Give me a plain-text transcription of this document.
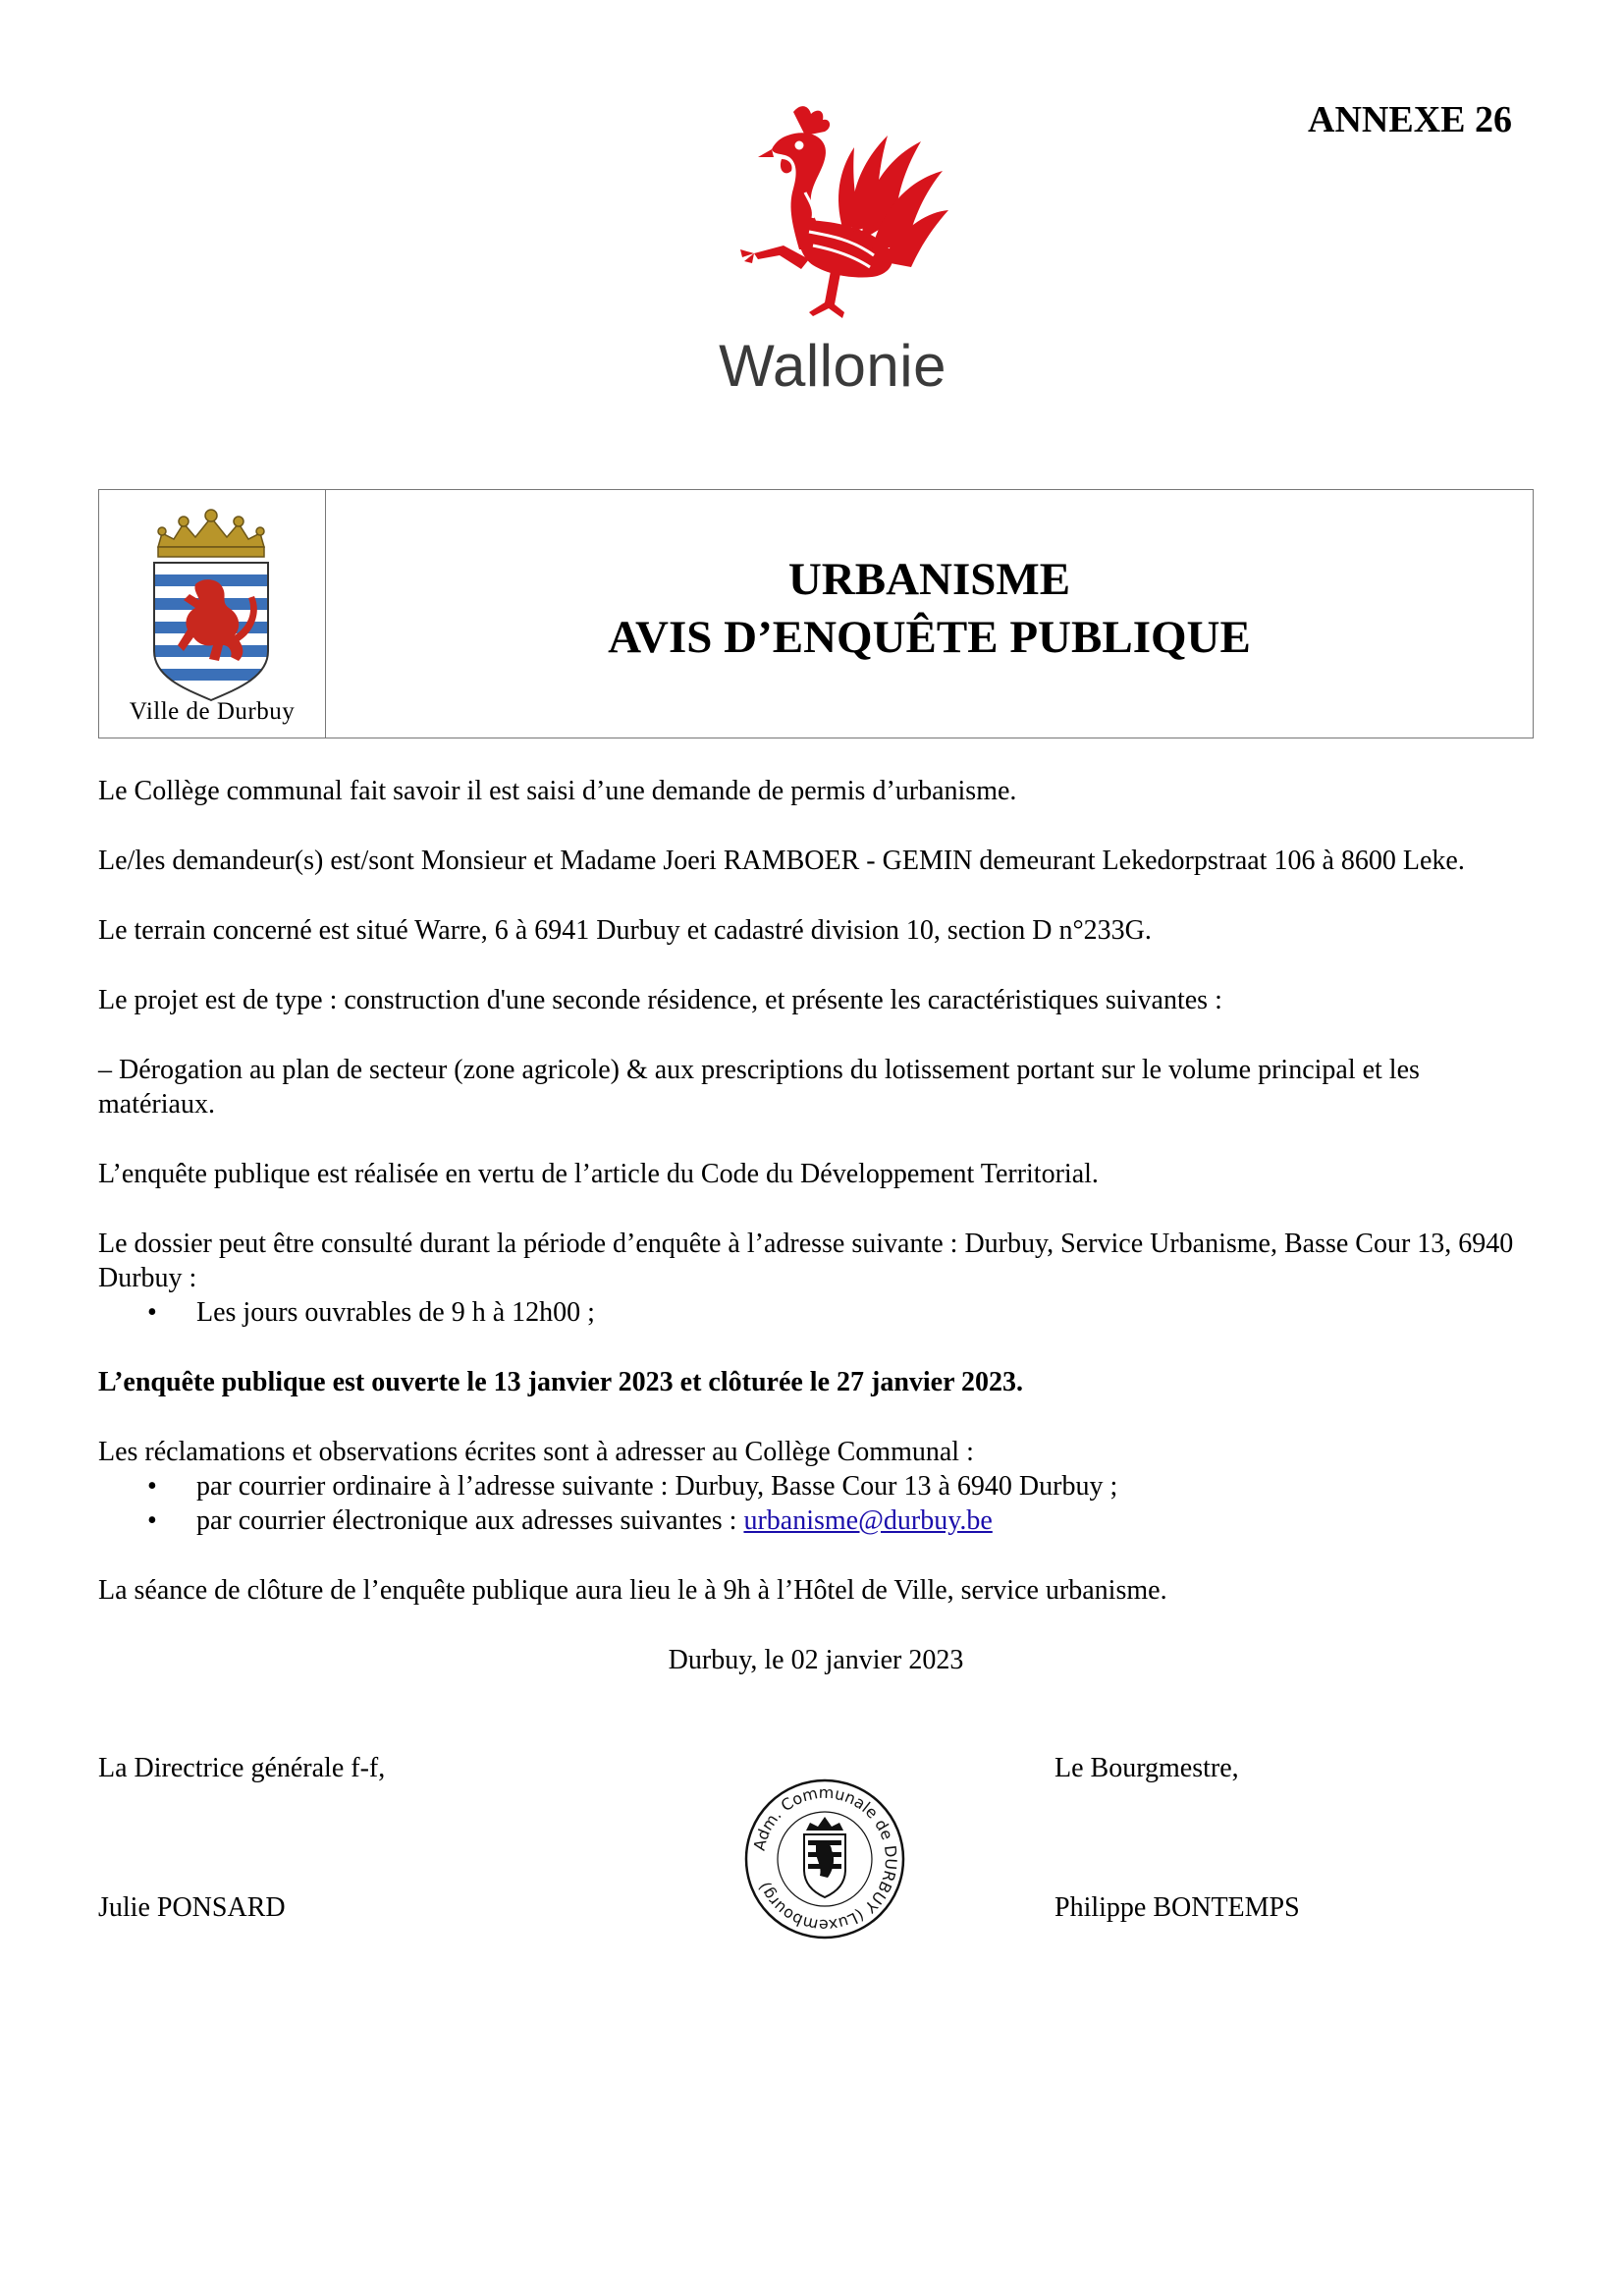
ANNEXE 26
Wallonie
Ville de Durbuy
URBANISME
AVIS D’ENQUÊTE PUBLIQUE

Le Collège communal fait savoir il est saisi d’une demande de permis d’urbanisme.

Le/les demandeur(s) est/sont Monsieur et Madame Joeri RAMBOER - GEMIN demeurant Lekedorpstraat 106 à 8600 Leke.

Le terrain concerné est situé Warre, 6 à 6941 Durbuy et cadastré division 10, section D n°233G.

Le projet est de type : construction d'une seconde résidence, et présente les caractéristiques suivantes :

– Dérogation au plan de secteur (zone agricole) & aux prescriptions du lotissement portant sur le volume principal et les matériaux.

L’enquête publique est réalisée en vertu de l’article du Code du Développement Territorial.

Le dossier peut être consulté durant la période d’enquête à l’adresse suivante : Durbuy, Service Urbanisme, Basse Cour 13, 6940 Durbuy :

• Les jours ouvrables de 9 h à 12h00 ;

L’enquête publique est ouverte le 13 janvier 2023 et clôturée le 27 janvier 2023.

Les réclamations et observations écrites sont à adresser au Collège Communal :

• par courrier ordinaire à l’adresse suivante : Durbuy, Basse Cour 13 à 6940 Durbuy ;
• par courrier électronique aux adresses suivantes : urbanisme@durbuy.be

La séance de clôture de l’enquête publique aura lieu le à 9h à l’Hôtel de Ville, service urbanisme.

Durbuy, le 02 janvier 2023

La Directrice générale f-f,
Julie PONSARD
Le Bourgmestre,
Philippe BONTEMPS
Adm. Communale de DURBUY (Luxembourg)
